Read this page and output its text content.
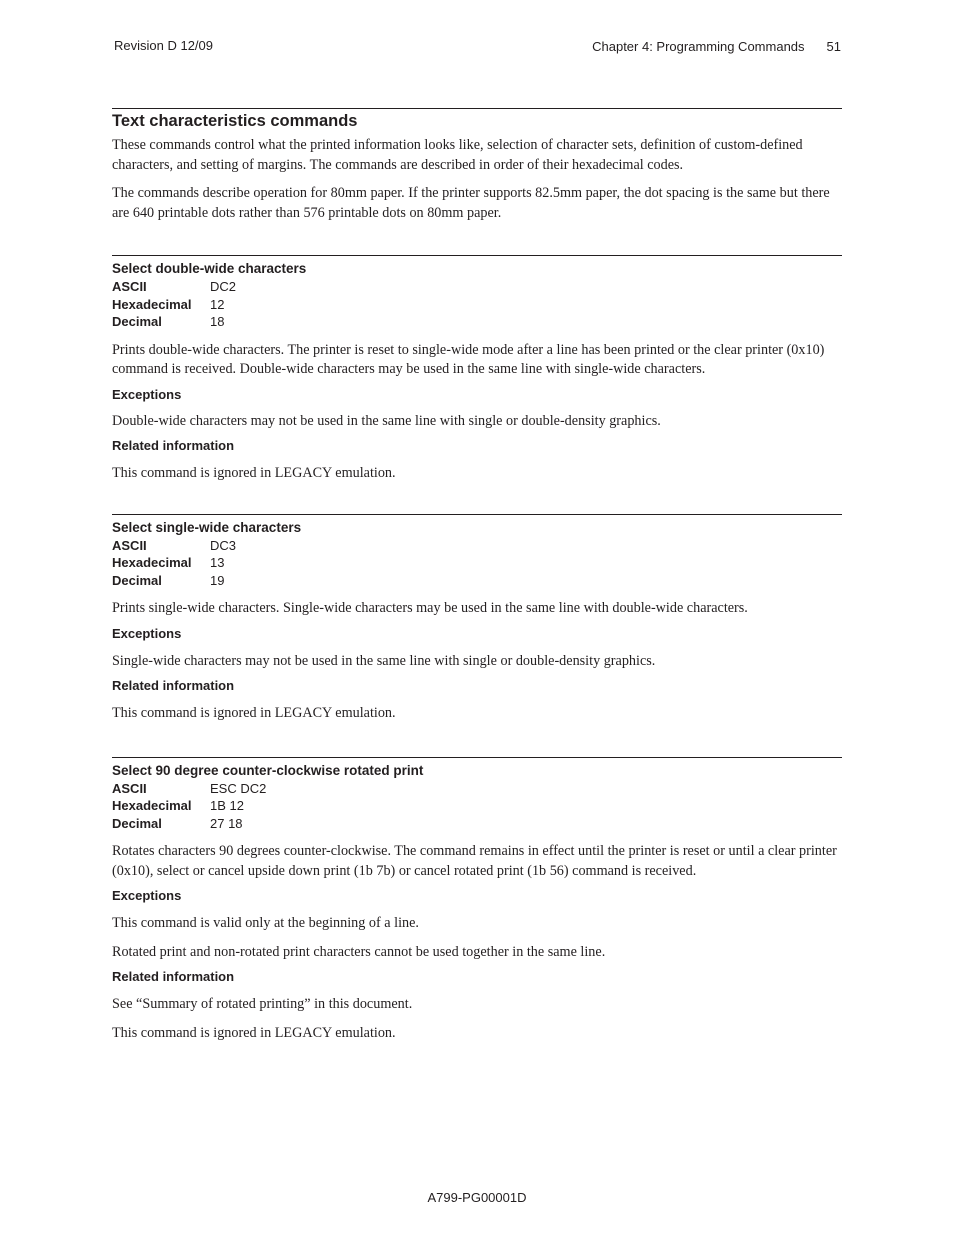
Revision D 12/09	Chapter 4: Programming Commands 51
Text characteristics commands

These commands control what the printed information looks like, selection of character sets, definition of custom-defined characters, and setting of margins. The commands are described in order of their hexadecimal codes.

The commands describe operation for 80mm paper. If the printer supports 82.5mm paper, the dot spacing is the same but there are 640 printable dots rather than 576 printable dots on 80mm paper.

Select double-wide characters
ASCII	DC2
Hexadecimal	12
Decimal	18

Prints double-wide characters. The printer is reset to single-wide mode after a line has been printed or the clear printer (0x10) command is received. Double-wide characters may be used in the same line with single-wide characters.

Exceptions

Double-wide characters may not be used in the same line with single or double-density graphics.

Related information

This command is ignored in LEGACY emulation.

Select single-wide characters
ASCII	DC3
Hexadecimal	13
Decimal	19

Prints single-wide characters. Single-wide characters may be used in the same line with double-wide characters.

Exceptions

Single-wide characters may not be used in the same line with single or double-density graphics.

Related information

This command is ignored in LEGACY emulation.

Select 90 degree counter-clockwise rotated print
ASCII	ESC DC2
Hexadecimal	1B 12
Decimal	27 18

Rotates characters 90 degrees counter-clockwise. The command remains in effect until the printer is reset or until a clear printer (0x10), select or cancel upside down print (1b 7b) or cancel rotated print (1b 56) command is received.

Exceptions

This command is valid only at the beginning of a line.

Rotated print and non-rotated print characters cannot be used together in the same line.

Related information

See “Summary of rotated printing” in this document.

This command is ignored in LEGACY emulation.

A799-PG00001D
